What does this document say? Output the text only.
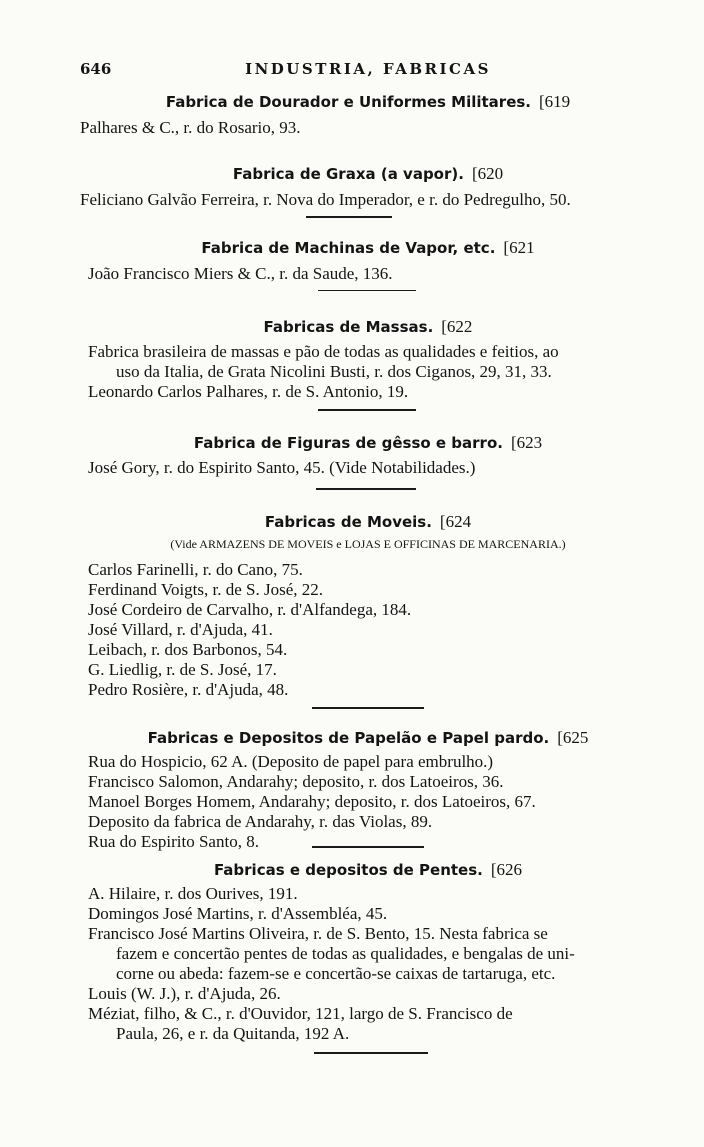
646	INDUSTRIA, FABRICAS
Fabrica de Dourador e Uniformes Militares. [619
Palhares & C., r. do Rosario, 93.
Fabrica de Graxa (a vapor). [620
Feliciano Galvão Ferreira, r. Nova do Imperador, e r. do Pedregulho, 50.
Fabrica de Machinas de Vapor, etc. [621
João Francisco Miers & C., r. da Saude, 136.
Fabricas de Massas. [622
Fabrica brasileira de massas e pão de todas as qualidades e feitios, ao
uso da Italia, de Grata Nicolini Busti, r. dos Ciganos, 29, 31, 33.
Leonardo Carlos Palhares, r. de S. Antonio, 19.
Fabrica de Figuras de gêsso e barro. [623
José Gory, r. do Espirito Santo, 45. (Vide Notabilidades.)
Fabricas de Moveis. [624
(Vide ARMAZENS DE MOVEIS e LOJAS E OFFICINAS DE MARCENARIA.)
Carlos Farinelli, r. do Cano, 75.
Ferdinand Voigts, r. de S. José, 22.
José Cordeiro de Carvalho, r. d'Alfandega, 184.
José Villard, r. d'Ajuda, 41.
Leibach, r. dos Barbonos, 54.
G. Liedlig, r. de S. José, 17.
Pedro Rosière, r. d'Ajuda, 48.
Fabricas e Depositos de Papelão e Papel pardo. [625
Rua do Hospicio, 62 A. (Deposito de papel para embrulho.)
Francisco Salomon, Andarahy; deposito, r. dos Latoeiros, 36.
Manoel Borges Homem, Andarahy; deposito, r. dos Latoeiros, 67.
Deposito da fabrica de Andarahy, r. das Violas, 89.
Rua do Espirito Santo, 8.
Fabricas e depositos de Pentes. [626
A. Hilaire, r. dos Ourives, 191.
Domingos José Martins, r. d'Assembléa, 45.
Francisco José Martins Oliveira, r. de S. Bento, 15. Nesta fabrica se
fazem e concertão pentes de todas as qualidades, e bengalas de uni-
corne ou abeda: fazem-se e concertão-se caixas de tartaruga, etc.
Louis (W. J.), r. d'Ajuda, 26.
Méziat, filho, & C., r. d'Ouvidor, 121, largo de S. Francisco de
Paula, 26, e r. da Quitanda, 192 A.
